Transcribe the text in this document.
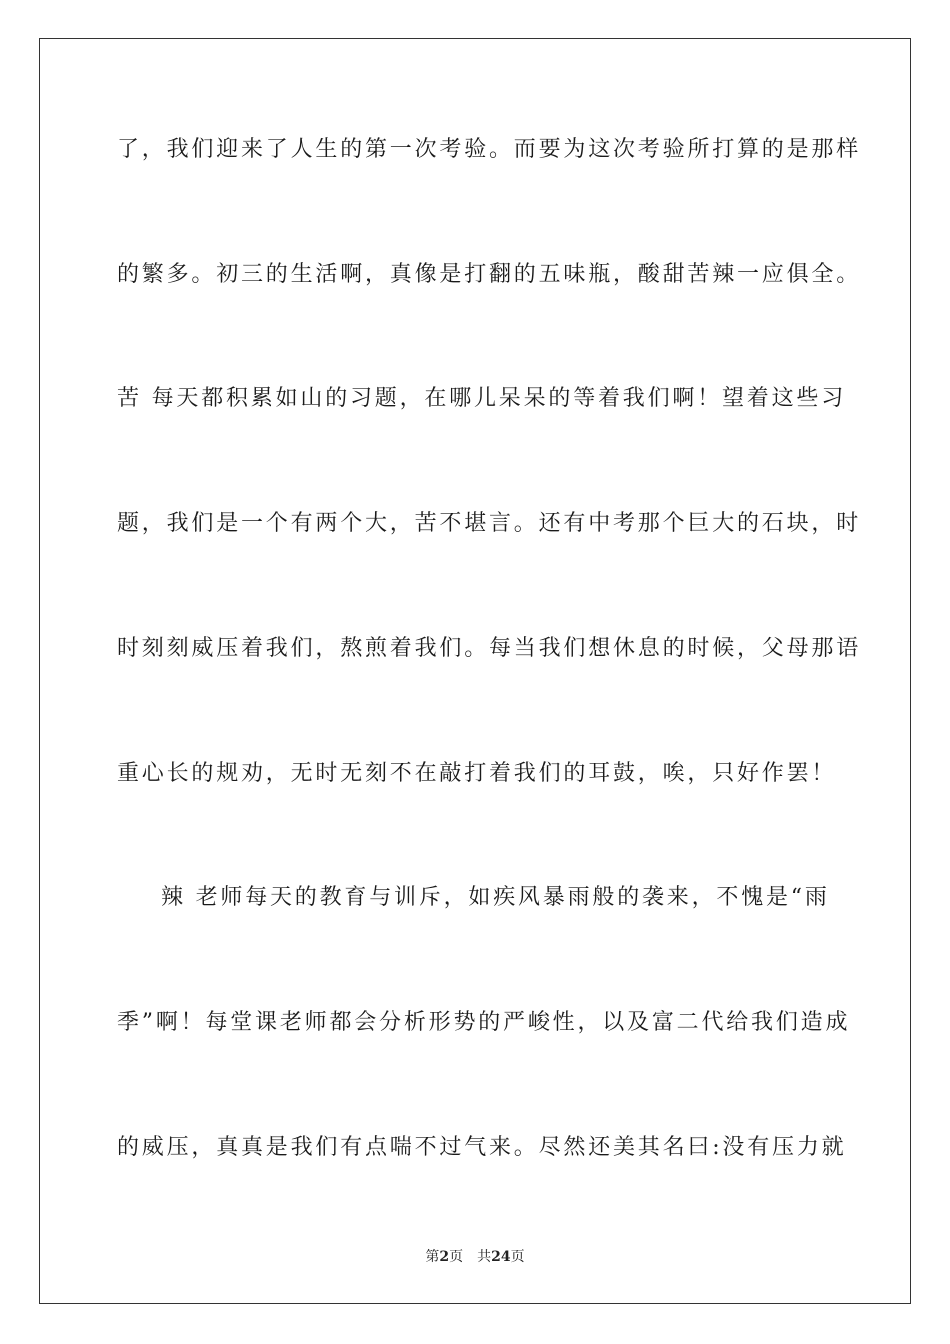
了，我们迎来了人生的第一次考验。而要为这次考验所打算的是那样
的繁多。初三的生活啊，真像是打翻的五味瓶，酸甜苦辣一应俱全。
苦 每天都积累如山的习题，在哪儿呆呆的等着我们啊！望着这些习
题，我们是一个有两个大，苦不堪言。还有中考那个巨大的石块，时
时刻刻威压着我们，熬煎着我们。每当我们想休息的时候，父母那语
重心长的规劝，无时无刻不在敲打着我们的耳鼓，唉，只好作罢！
辣 老师每天的教育与训斥，如疾风暴雨般的袭来，不愧是“雨
季”啊！每堂课老师都会分析形势的严峻性，以及富二代给我们造成
的威压，真真是我们有点喘不过气来。尽然还美其名曰:没有压力就
第2页 共24页
